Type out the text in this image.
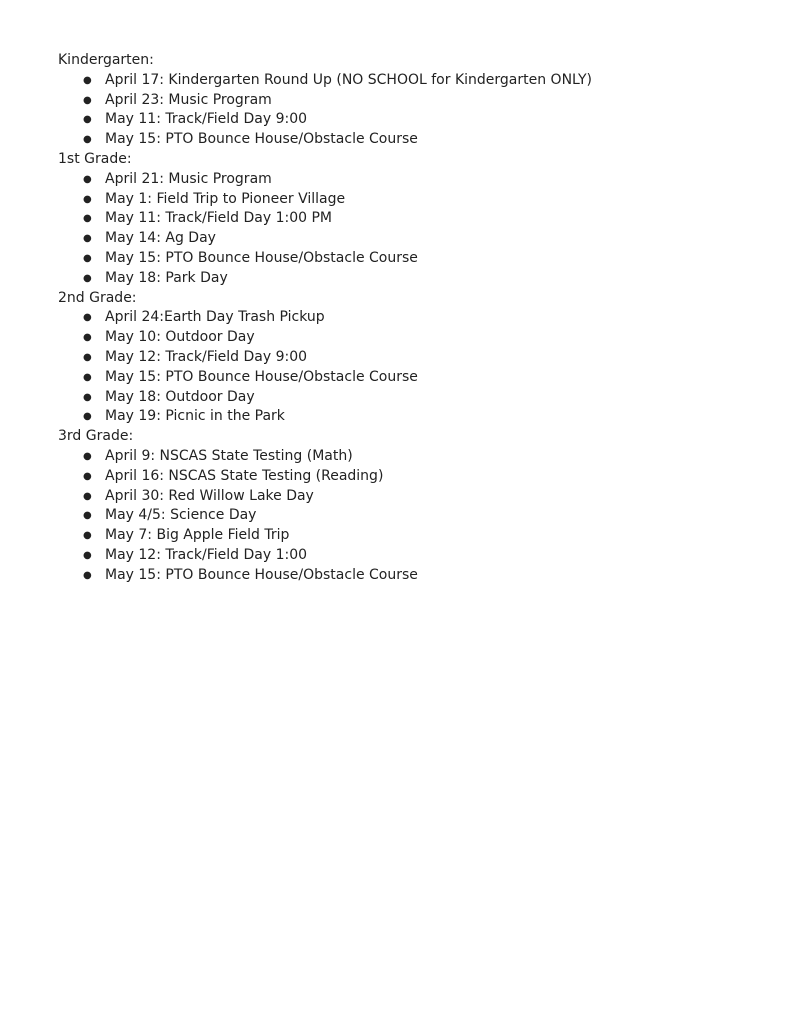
Kindergarten:
● April 17: Kindergarten Round Up (NO SCHOOL for Kindergarten ONLY)
● April 23: Music Program
● May 11: Track/Field Day 9:00
● May 15: PTO Bounce House/Obstacle Course
1st Grade:
● April 21: Music Program
● May 1: Field Trip to Pioneer Village
● May 11: Track/Field Day 1:00 PM
● May 14: Ag Day
● May 15: PTO Bounce House/Obstacle Course
● May 18: Park Day
2nd Grade:
● April 24:Earth Day Trash Pickup
● May 10: Outdoor Day
● May 12: Track/Field Day 9:00
● May 15: PTO Bounce House/Obstacle Course
● May 18: Outdoor Day
● May 19: Picnic in the Park
3rd Grade:
● April 9: NSCAS State Testing (Math)
● April 16: NSCAS State Testing (Reading)
● April 30: Red Willow Lake Day
● May 4/5: Science Day
● May 7: Big Apple Field Trip
● May 12: Track/Field Day 1:00
● May 15: PTO Bounce House/Obstacle Course
